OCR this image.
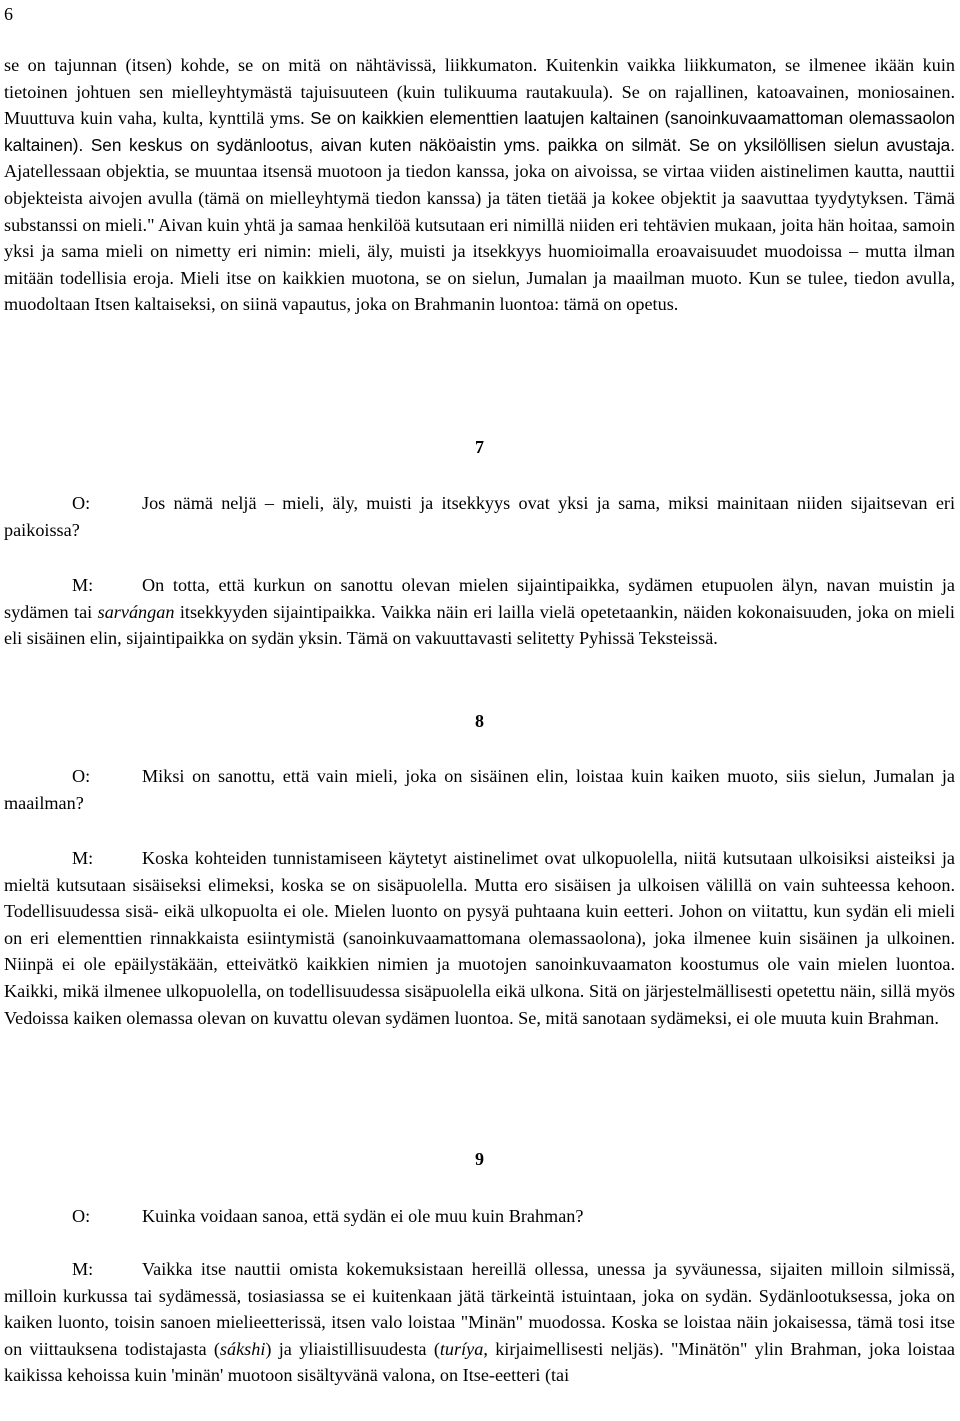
6

se on tajunnan (itsen) kohde, se on mitä on nähtävissä, liikkumaton. Kuitenkin vaikka liikkumaton, se ilmenee ikään kuin tietoinen johtuen sen mielleyhtymästä tajuisuuteen (kuin tulikuuma rautakuula). Se on rajallinen, katoavainen, moniosainen. Muuttuva kuin vaha, kulta, kynttilä yms. Se on kaikkien elementtien laatujen kaltainen (sanoinkuvaamattoman olemassaolon kaltainen). Sen keskus on sydänlootus, aivan kuten näköaistin yms. paikka on silmät. Se on yksilöllisen sielun avustaja. Ajatellessaan objektia, se muuntaa itsensä muotoon ja tiedon kanssa, joka on aivoissa, se virtaa viiden aistinelimen kautta, nauttii objekteista aivojen avulla (tämä on mielleyhtymä tiedon kanssa) ja täten tietää ja kokee objektit ja saavuttaa tyydytyksen. Tämä substanssi on mieli." Aivan kuin yhtä ja samaa henkilöä kutsutaan eri nimillä niiden eri tehtävien mukaan, joita hän hoitaa, samoin yksi ja sama mieli on nimetty eri nimin: mieli, äly, muisti ja itsekkyys huomioimalla eroavaisuudet muodoissa – mutta ilman mitään todellisia eroja. Mieli itse on kaikkien muotona, se on sielun, Jumalan ja maailman muoto. Kun se tulee, tiedon avulla, muodoltaan Itsen kaltaiseksi, on siinä vapautus, joka on Brahmanin luontoa: tämä on opetus.

7

O:	Jos nämä neljä – mieli, äly, muisti ja itsekkyys ovat yksi ja sama, miksi mainitaan niiden sijaitsevan eri paikoissa?

M:	On totta, että kurkun on sanottu olevan mielen sijaintipaikka, sydämen etupuolen älyn, navan muistin ja sydämen tai sarvángan itsekkyyden sijaintipaikka. Vaikka näin eri lailla vielä opetetaankin, näiden kokonaisuuden, joka on mieli eli sisäinen elin, sijaintipaikka on sydän yksin. Tämä on vakuuttavasti selitetty Pyhissä Teksteissä.

8

O:	Miksi on sanottu, että vain mieli, joka on sisäinen elin, loistaa kuin kaiken muoto, siis sielun, Jumalan ja maailman?

M:	Koska kohteiden tunnistamiseen käytetyt aistinelimet ovat ulkopuolella, niitä kutsutaan ulkoisiksi aisteiksi ja mieltä kutsutaan sisäiseksi elimeksi, koska se on sisäpuolella. Mutta ero sisäisen ja ulkoisen välillä on vain suhteessa kehoon. Todellisuudessa sisä- eikä ulkopuolta ei ole. Mielen luonto on pysyä puhtaana kuin eetteri. Johon on viitattu, kun sydän eli mieli on eri elementtien rinnakkaista esiintymistä (sanoinkuvaamattomana olemassaolona), joka ilmenee kuin sisäinen ja ulkoinen. Niinpä ei ole epäilystäkään, etteivätkö kaikkien nimien ja muotojen sanoinkuvaamaton koostumus ole vain mielen luontoa. Kaikki, mikä ilmenee ulkopuolella, on todellisuudessa sisäpuolella eikä ulkona. Sitä on järjestelmällisesti opetettu näin, sillä myös Vedoissa kaiken olemassa olevan on kuvattu olevan sydämen luontoa. Se, mitä sanotaan sydämeksi, ei ole muuta kuin Brahman.

9

O:	Kuinka voidaan sanoa, että sydän ei ole muu kuin Brahman?

M:	Vaikka itse nauttii omista kokemuksistaan hereillä ollessa, unessa ja syväunessa, sijaiten milloin silmissä, milloin kurkussa tai sydämessä, tosiasiassa se ei kuitenkaan jätä tärkeintä istuintaan, joka on sydän. Sydänlootuksessa, joka on kaiken luonto, toisin sanoen mielieetterissä, itsen valo loistaa "Minän" muodossa. Koska se loistaa näin jokaisessa, tämä tosi itse on viittauksena todistajasta (sákshi) ja yliaistillisuudesta (turíya, kirjaimellisesti neljäs). "Minätön" ylin Brahman, joka loistaa kaikissa kehoissa kuin 'minän' muotoon sisältyvänä valona, on Itse-eetteri (tai
